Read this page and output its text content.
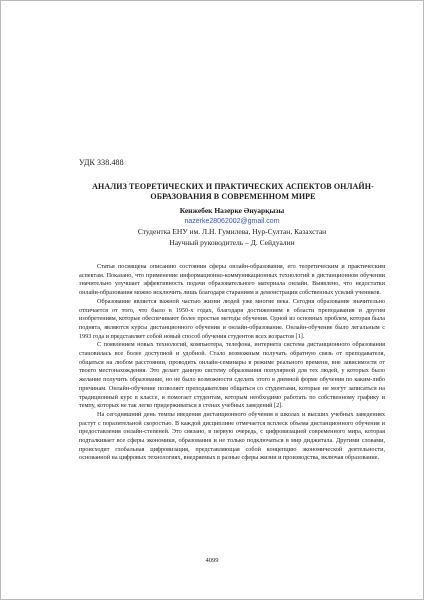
УДК 338.488
АНАЛИЗ ТЕОРЕТИЧЕСКИХ И ПРАКТИЧЕСКИХ АСПЕКТОВ ОНЛАЙН-
ОБРАЗОВАНИЯ В СОВРЕМЕННОМ МИРЕ
Кенжебек Назерке Әнуарқызы
nazerke28062002@gmail.com
Студентка ЕНУ им. Л.Н. Гумилева, Нур-Султан, Казахстан
Научный руководитель – Д. Сейдуалин

Статья посвящена описанию состояния сферы онлайн-образования, его теоретическим и практическим аспектам. Показано, что применение информационно-коммуникационных технологий в дистанционном обучении значительно улучшает эффективность подачи образовательного материала онлайн. Выявлено, что недостатки онлайн-образования можно исключить лишь благодаря стараниям и демонстрации собственных усилий учеников.

Образование является важной частью жизни людей уже многие века. Сегодня образование значительно отличается от того, что было в 1950-х годах, благодаря достижениям в области преподавания и другим изобретениям, которые обеспечивают более простые методы обучения. Одной из основных проблем, которая была поднята, являются курсы дистанционного обучения и онлайн-образование. Онлайн-обучение было легальным с 1993 года и представляет собой новый способ обучения студентов всех возрастов [1].

С появлением новых технологий, компьютера, телефона, интернета система дистанционного образования становилась все более доступной и удобной. Стало возможным получать обратную связь от преподавателя, общаться на любом расстоянии, проводить онлайн-семинары в режиме реального времени, вне зависимости от твоего местонахождения. Это делает данную систему образования популярной для тех людей, у которых было желание получить образование, но не было возможности сделать этого в дневной форме обучения по каким-либо причинам. Онлайн-обучение позволяет преподавателям общаться со студентами, которые не могут записаться на традиционный курс в классе, и помогает студентам, которым необходимо работать по собственному графику и темпу, которых не так легко придерживаться в стенах учебных заведений [2].

На сегодняшний день темпы введения дистанционного обучения в школах и высших учебных заведениях растут с поразительной скоростью. В каждой дисциплине отмечается всплеск объема дистанционного обучения и предоставления онлайн-степеней. Это связано, в первую очередь, с цифровизацией современного мира, которая подталкивает все сферы экономики, образования и не только подключаться в мир диджитала. Другими словами, происходит глобальная цифровизация, представляющая собой концепцию экономической деятельности, основанной на цифровых технологиях, внедряемых в разные сферы жизни и производства, включая образование.

4099
